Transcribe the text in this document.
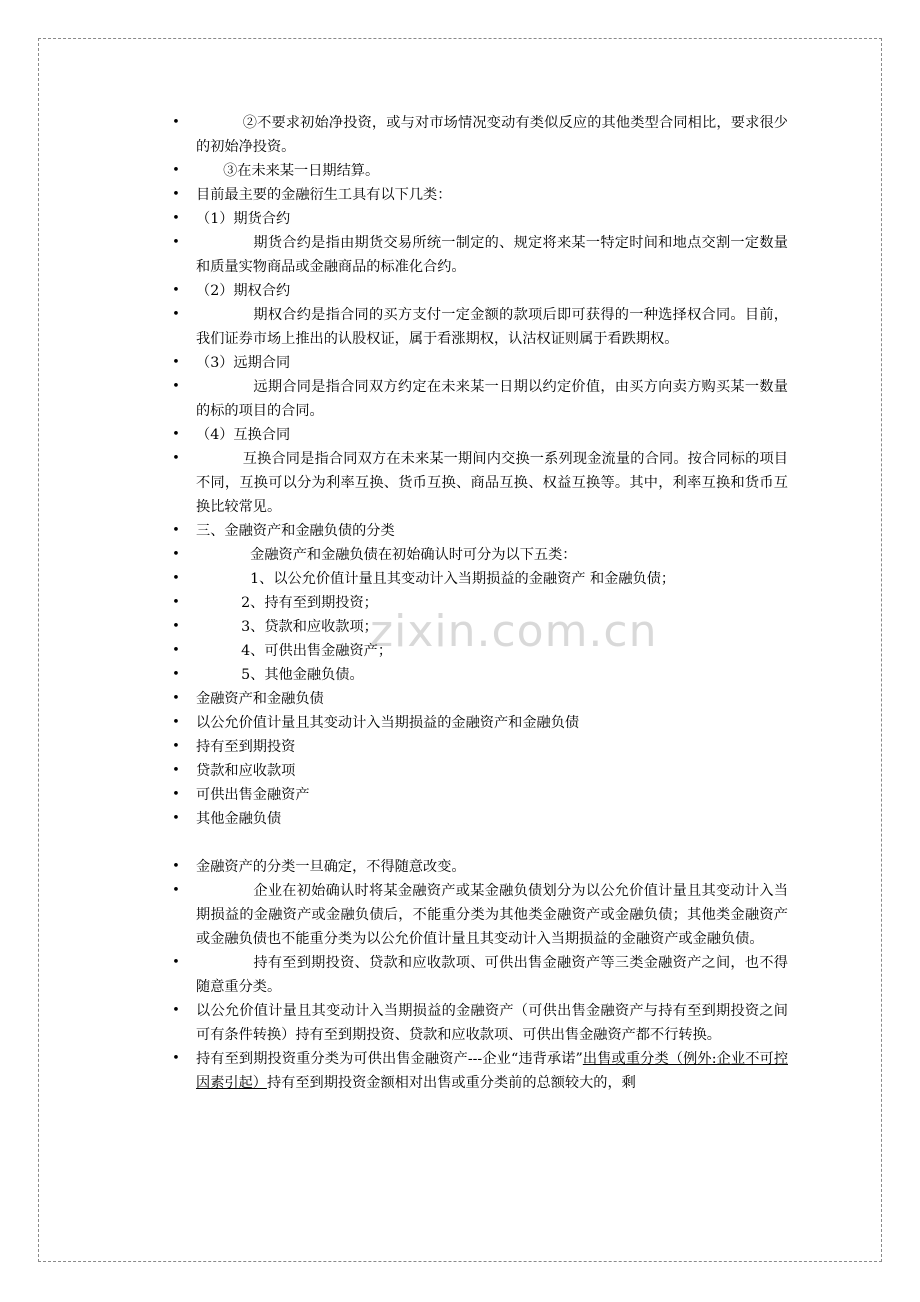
zixin.com.cn
•	②不要求初始净投资，或与对市场情况变动有类似反应的其他类型合同相比，要求很少的初始净投资。
•	③在未来某一日期结算。
• 目前最主要的金融衍生工具有以下几类：
• （1）期货合约
•	期货合约是指由期货交易所统一制定的、规定将来某一特定时间和地点交割一定数量和质量实物商品或金融商品的标准化合约。
• （2）期权合约
•	期权合约是指合同的买方支付一定金额的款项后即可获得的一种选择权合同。目前，我们证券市场上推出的认股权证，属于看涨期权，认沽权证则属于看跌期权。
• （3）远期合同
•	远期合同是指合同双方约定在未来某一日期以约定价值，由买方向卖方购买某一数量的标的项目的合同。
• （4）互换合同
•	互换合同是指合同双方在未来某一期间内交换一系列现金流量的合同。按合同标的项目不同，互换可以分为利率互换、货币互换、商品互换、权益互换等。其中，利率互换和货币互换比较常见。
• 三、金融资产和金融负债的分类
•	金融资产和金融负债在初始确认时可分为以下五类：
•	1、以公允价值计量且其变动计入当期损益的金融资产 和金融负债；
•	2、持有至到期投资；
•	3、贷款和应收款项；
•	4、可供出售金融资产；
•	5、其他金融负债。
• 金融资产和金融负债
• 以公允价值计量且其变动计入当期损益的金融资产和金融负债
• 持有至到期投资
• 贷款和应收款项
• 可供出售金融资产
• 其他金融负债
• 金融资产的分类一旦确定，不得随意改变。
•	企业在初始确认时将某金融资产或某金融负债划分为以公允价值计量且其变动计入当期损益的金融资产或金融负债后，不能重分类为其他类金融资产或金融负债；其他类金融资产或金融负债也不能重分类为以公允价值计量且其变动计入当期损益的金融资产或金融负债。
•	持有至到期投资、贷款和应收款项、可供出售金融资产等三类金融资产之间，也不得随意重分类。
• 以公允价值计量且其变动计入当期损益的金融资产（可供出售金融资产与持有至到期投资之间可有条件转换）持有至到期投资、贷款和应收款项、可供出售金融资产都不行转换。
• 持有至到期投资重分类为可供出售金融资产---企业“违背承诺”出售或重分类（例外:企业不可控因素引起）持有至到期投资金额相对出售或重分类前的总额较大的，剩
